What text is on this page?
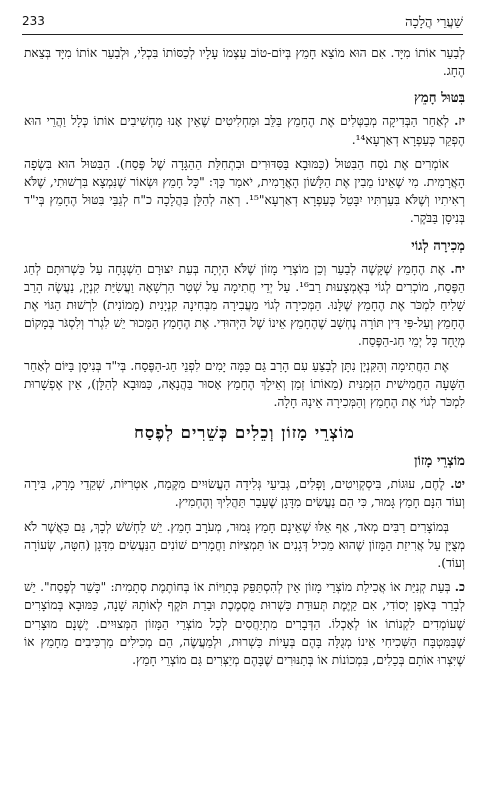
233	שַׁעֲרֵי הֲלָכָה

לְבַעֵר אוֹתוֹ מִיָּד. אִם הוּא מוֹצֵא חָמֵץ בְּיוֹם-טוֹב עַצְמוֹ עָלָיו לְכַסּוֹתוֹ בִּכְלִי, וּלְבַעֵר אוֹתוֹ מִיָּד בְּצֵאת הֶחָג.

בִּטּוּל חָמֵץ

יז. לְאַחַר הַבְּדִיקָה מְבַטְּלִים אֶת הֶחָמֵץ בַּלֵּב וּמַחְלִיטִים שֶׁאֵין אָנוּ מַחְשִׁיבִים אוֹתוֹ כְּלָל וַהֲרֵי הוּא הֶפְקֵר כְּעַפְרָא דְאַרְעָא¹⁴.

אוֹמְרִים אֶת נֹסַח הַבִּטּוּל (כַּמּוּבָא בַּסִּדּוּרִים וּבִתְחִלַּת הַהַגָּדָה שֶׁל פֶּסַח). הַבִּטּוּל הוּא בִּשְׂפָה הָאֲרָמִית. מִי שֶׁאֵינוֹ מֵבִין אֶת הַלָּשׁוֹן הָאֲרָמִית, יֹאמַר כָּךְ: "כָּל חָמֵץ וּשְׂאוֹר שֶׁנִּמְצָא בִּרְשׁוּתִי, שֶׁלֹּא רְאִיתִיו וְשֶׁלֹּא בִּעַרְתִּיו יִבָּטֵל כְּעַפְרָא דְאַרְעָא"¹⁵. רְאֵה לְהַלָּן בַּהֲלָכָה כ"ח לְגַבֵּי בִּטּוּל הֶחָמֵץ בְּי"ד בְּנִיסָן בַּבֹּקֶר.

מְכִירָה לְגוֹי

יח. אֶת הֶחָמֵץ שֶׁקָּשֶׁה לְבַעֵר וְכֵן מוֹצְרֵי מָזוֹן שֶׁלֹּא הָיְתָה בְּעֵת יִצּוּרָם הַשְׁגָּחָה עַל כַּשְׁרוּתָם לְחַג הַפֶּסַח, מוֹכְרִים לְגוֹי בְּאֶמְצָעוּת רַב¹⁶. עַל יְדֵי חֲתִימָה עַל שְׁטַר הַרְשָׁאָה וַעֲשִׂיַּת קִנְיָן, נַעֲשֶׂה הָרַב שָׁלִיחַ לִמְכֹּר אֶת הֶחָמֵץ שֶׁלָּנוּ. הַמְּכִירָה לְגוֹי מַעֲבִירָה מִבְּחִינָה קִנְיָנִית (מָמוֹנִית) לִרְשׁוּת הַגּוֹי אֶת הֶחָמֵץ וְעַל-פִּי דִּין תּוֹרָה נֶחְשָׁב שֶׁהֶחָמֵץ אֵינוֹ שֶׁל הַיְּהוּדִי. אֶת הֶחָמֵץ הַמָּכוּר יֵשׁ לִגְרֹר וְלִסְגֹּר בְּמָקוֹם מְיֻחָד כָּל יְמֵי חַג-הַפֶּסַח.

אֶת הַחֲתִימָה וְהַקִּנְיָן נִתָּן לְבַצֵּעַ עִם הָרַב גַּם כַּמָּה יָמִים לִפְנֵי חַג-הַפֶּסַח. בְּי"ד בְּנִיסָן בַּיּוֹם לְאַחַר הַשָּׁעָה הַחֲמִישִׁית הַזְּמַנִּית (מֵאוֹתוֹ זְמַן וְאֵילָךְ הֶחָמֵץ אָסוּר בַּהֲנָאָה, כַּמּוּבָא לְהַלָּן), אֵין אֶפְשָׁרוּת לִמְכֹּר לְגוֹי אֶת הֶחָמֵץ וְהַמְּכִירָה אֵינָהּ חָלָה.

מוֹצְרֵי מָזוֹן וְכֵלִים כְּשֵׁרִים לְפֶסַח
מוֹצְרֵי מָזוֹן

יט. לֶחֶם, עוּגוֹת, בִּיסְקְוִיטִים, וָפְלִים, גְּבִיעֵי גְּלִידָה הָעֲשׂוּיִים מִקֶּמַח, אִטְרִיּוֹת, שְׁקֵדֵי מָרָק, בִּירָה וְעוֹד הִנָּם חָמֵץ גָּמוּר, כִּי הֵם נַעֲשִׂים מִדָּגָן שֶׁעָבַר תַּהֲלִיךְ וְהֶחְמִיץ.

בְּמוֹצָרִים רַבִּים מְאֹד, אַף אֵלּוּ שֶׁאֵינָם חָמֵץ גָּמוּר, מְעֹרָב חָמֵץ. יֵשׁ לַחְשֹׁשׁ לְכָךְ, גַּם כַּאֲשֶׁר לֹא מְצֻיָּן עַל אֲרִיזַת הַמָּזוֹן שֶׁהוּא מֵכִיל דְּגָנִים אוֹ תַּמְצִיּוֹת וַחֳמָרִים שׁוֹנִים הַנַּעֲשִׂים מִדָּגָן (חִטָּה, שְׂעוֹרָה וְעוֹד).

כ. בְּעֵת קְנִיַּת אוֹ אֲכִילַת מוֹצְרֵי מָזוֹן אֵין לְהִסְתַּפֵּק בְּתָוִיּוֹת אוֹ בְּחוֹתֶמֶת סְתָמִית: "כָּשֵׁר לְפֶסַח". יֵשׁ לְבָרֵר בְּאֹפֶן יְסוֹדִי, אִם קַיֶּמֶת תְּעוּדַת כַּשְׁרוּת מֻסְמֶכֶת וּבַרַת תֹּקֶף לְאוֹתָהּ שָׁנָה, כַּמּוּבָא בְּמוֹצָרִים שֶׁעוֹמְדִים לִקְנוֹתוֹ אוֹ לְאָכְלוֹ. הַדְּבָרִים מִתְיַחֲסִים לְכָל מוֹצְרֵי הַמָּזוֹן הַמְּצוּיִים. יֶשְׁנָם מוּצָרִים שֶׁבַּמִּטְבָּח הַשְּׁכִיחִי אֵינוֹ מְגֻלָּה בָּהֶם בְּעָיוֹת כַּשְׁרוּת, וּלְמַעֲשֶׂה, הֵם מְכִילִים מַרְכִּיבִים מֵחָמֵץ אוֹ שֶׁיִּצְרוּ אוֹתָם בְּכֵלִים, בִּמְכוֹנוֹת אוֹ בְּתַנּוּרִים שֶׁבָּהֶם מְיַצְּרִים גַּם מוֹצְרֵי חָמֵץ.
